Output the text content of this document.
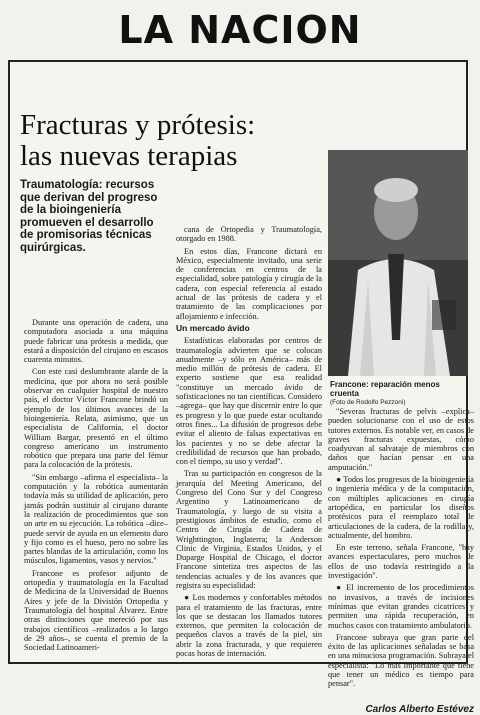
LA NACION
Fracturas y prótesis:
las nuevas terapias
Traumatología: recursos que derivan del progreso de la bioingeniería promueven el desarrollo de promisorias técnicas quirúrgicas.

Durante una operación de cadera, una computadora asociada a una máquina puede fabricar una prótesis a medida, que estará a disposición del cirujano en escasos cuarenta minutos.

Con este casi deslumbrante alarde de la medicina, que por ahora no será posible observar en cualquier hospital de nuestro país, el doctor Víctor Francone brindó un ejemplo de los últimos avances de la bioingeniería. Relata, asimismo, que un especialista de California, el doctor William Bargar, presentó en el último congreso americano un instrumento robótico que prepara una parte del fémur para la colocación de la prótesis.

"Sin embargo –afirma el especialista– la computación y la robótica aumentarán todavía más su utilidad de aplicación, pero jamás podrán sustituir al cirujano durante la realización de procedimientos que son un arte en su ejecución. La robótica –dice– puede servir de ayuda en un elemento duro y fijo como es el hueso, pero no sobre las partes blandas de la articulación, como los músculos, ligamentos, vasos y nervios."

Francone es profesor adjunto de ortopedia y traumatología en la Facultad de Medicina de la Universidad de Buenos Aires y jefe de la División Ortopedia y Traumatología del hospital Álvarez. Entre otras distinciones que mereció por sus trabajos científicos –realizados a lo largo de 29 años–, se cuenta el premio de la Sociedad Latinoameri-

cana de Ortopedia y Traumatología, otorgado en 1988.

En estos días, Francone dictará en México, especialmente invitado, una serie de conferencias en centros de la especialidad, sobre patología y cirugía de la cadera, con especial referencia al estado actual de las prótesis de cadera y el tratamiento de las complicaciones por aflojamiento e infección.

Un mercado ávido

Estadísticas elaboradas por centros de traumatología advierten que se colocan anualmente –y sólo en América– más de medio millón de prótesis de cadera. El experto sostiene que esa realidad "constituye un mercado ávido de sofisticaciones no tan científicas. Considero –agrega– que hay que discernir entre lo que es progreso y lo que puede estar ocultando otros fines... La difusión de progresos debe evitar el aliento de falsas expectativas en los pacientes y no se debe afectar la credibilidad de recursos que han probado, con el tiempo, su uso y verdad".

Tras su participación en congresos de la jerarquía del Meeting Americano, del Congreso del Cono Sur y del Congreso Argentino y Latinoamericano de Traumatología, y luego de su visita a prestigiosos ámbitos de estudio, como el Centro de Cirugía de Cadera de Wrighttington, Inglaterra; la Anderson Clinic de Virginia, Estados Unidos, y el Duparge Hospital de Chicago, el doctor Francone sintetiza tres aspectos de las tendencias actuales y de los avances que registra su especialidad:

● Los modernos y confortables métodos para el tratamiento de las fracturas, entre los que se destacan los llamados tutores externos, que permiten la colocación de pequeños clavos a través de la piel, sin abrir la zona fracturada, y que requieren pocas horas de internación.

Francone: reparación menos cruenta
(Foto de Rodolfo Pezzoni)

"Severas fracturas de pelvis –explica– pueden solucionarse con el uso de estos tutores externos. Es notable ver, en casos de graves fracturas expuestas, cómo coadyuvan al salvataje de miembros con daños que hacían pensar en una amputación."

● Todos los progresos de la bioingeniería o ingeniería médica y de la computación, con múltiples aplicaciones en cirugía artopédica, en particular los diseños protésicos para el reemplazo total de articulaciones de la cadera, de la rodilla y, actualmente, del hombro.

En este terreno, señala Francone, "hay avances espectaculares, pero muchos de ellos de uso todavía restringido a la investigación".

● El incremento de los procedimientos no invasivos, a través de incisiones mínimas que evitan grandes cicatrices y permiten una rápida recuperación, en muchos casos con tratamiento ambulatorio.

Francone subraya que gran parte del éxito de las aplicaciones señaladas se basa en una minuciosa programación. Subraya el especialista: "Lo más importante que tiene que tener un médico es tiempo para pensar".

Carlos Alberto Estévez
